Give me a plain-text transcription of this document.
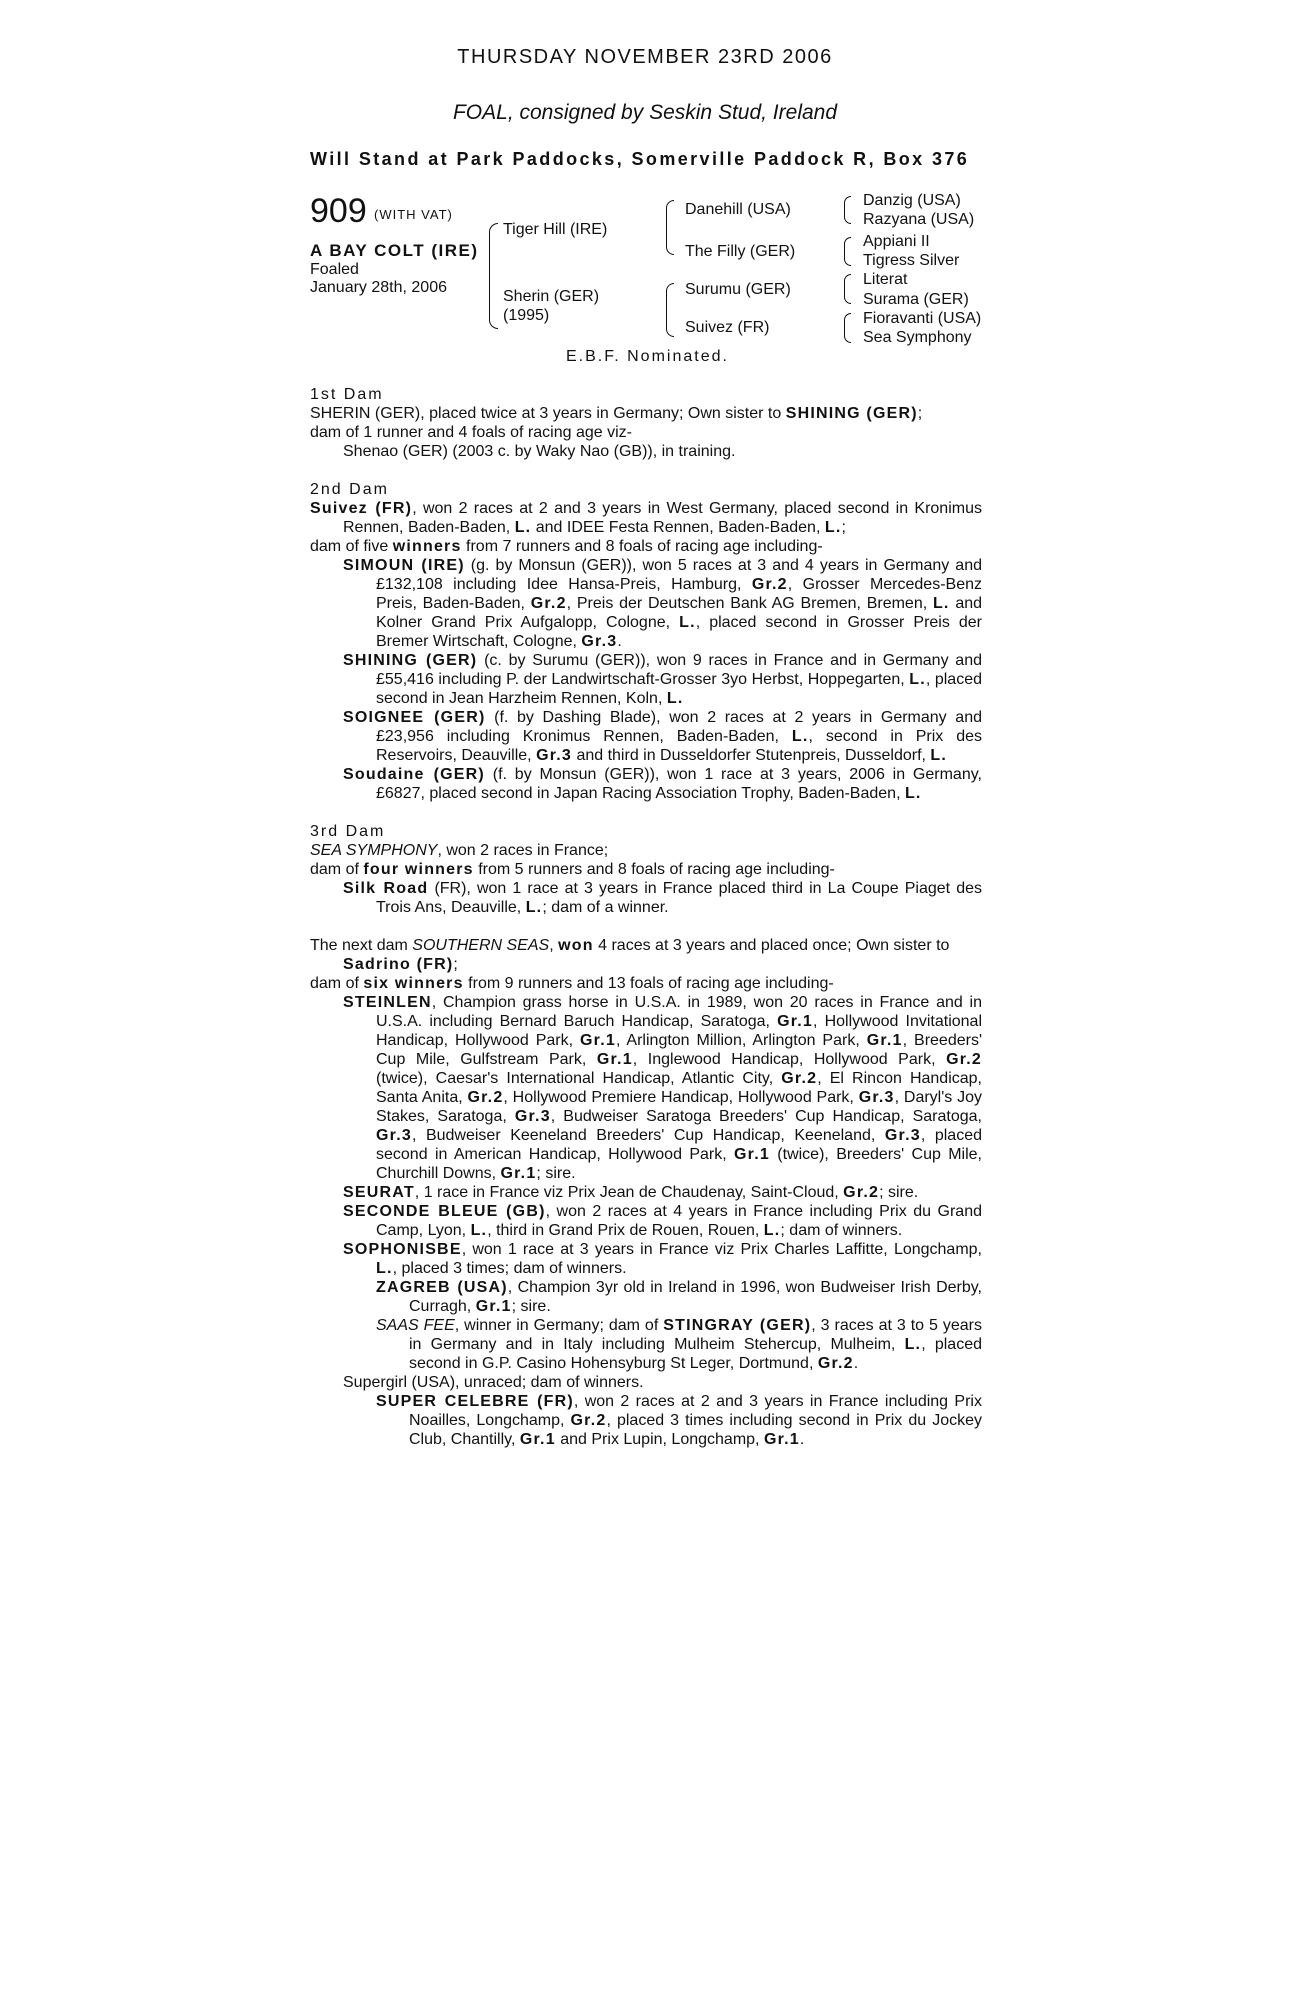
THURSDAY NOVEMBER 23RD 2006
FOAL, consigned by Seskin Stud, Ireland
Will Stand at Park Paddocks, Somerville Paddock R, Box 376
909 (WITH VAT)
A BAY COLT (IRE)
Foaled
January 28th, 2006
Tiger Hill (IRE)
Sherin (GER)
(1995)
Danehill (USA)
The Filly (GER)
Surumu (GER)
Suivez (FR)
Danzig (USA)
Razyana (USA)
Appiani II
Tigress Silver
Literat
Surama (GER)
Fioravanti (USA)
Sea Symphony
E.B.F. Nominated.

1st Dam

SHERIN (GER), placed twice at 3 years in Germany; Own sister to SHINING (GER);

dam of 1 runner and 4 foals of racing age viz-

Shenao (GER) (2003 c. by Waky Nao (GB)), in training.

2nd Dam

Suivez (FR), won 2 races at 2 and 3 years in West Germany, placed second in Kronimus Rennen, Baden-Baden, L. and IDEE Festa Rennen, Baden-Baden, L.;

dam of five winners from 7 runners and 8 foals of racing age including-

SIMOUN (IRE) (g. by Monsun (GER)), won 5 races at 3 and 4 years in Germany and £132,108 including Idee Hansa-Preis, Hamburg, Gr.2, Grosser Mercedes-Benz Preis, Baden-Baden, Gr.2, Preis der Deutschen Bank AG Bremen, Bremen, L. and Kolner Grand Prix Aufgalopp, Cologne, L., placed second in Grosser Preis der Bremer Wirtschaft, Cologne, Gr.3.

SHINING (GER) (c. by Surumu (GER)), won 9 races in France and in Germany and £55,416 including P. der Landwirtschaft-Grosser 3yo Herbst, Hoppegarten, L., placed second in Jean Harzheim Rennen, Koln, L.

SOIGNEE (GER) (f. by Dashing Blade), won 2 races at 2 years in Germany and £23,956 including Kronimus Rennen, Baden-Baden, L., second in Prix des Reservoirs, Deauville, Gr.3 and third in Dusseldorfer Stutenpreis, Dusseldorf, L.

Soudaine (GER) (f. by Monsun (GER)), won 1 race at 3 years, 2006 in Germany, £6827, placed second in Japan Racing Association Trophy, Baden-Baden, L.

3rd Dam

SEA SYMPHONY, won 2 races in France;

dam of four winners from 5 runners and 8 foals of racing age including-

Silk Road (FR), won 1 race at 3 years in France placed third in La Coupe Piaget des Trois Ans, Deauville, L.; dam of a winner.

The next dam SOUTHERN SEAS, won 4 races at 3 years and placed once; Own sister to Sadrino (FR);

dam of six winners from 9 runners and 13 foals of racing age including-

STEINLEN, Champion grass horse in U.S.A. in 1989, won 20 races in France and in U.S.A. including Bernard Baruch Handicap, Saratoga, Gr.1, Hollywood Invitational Handicap, Hollywood Park, Gr.1, Arlington Million, Arlington Park, Gr.1, Breeders' Cup Mile, Gulfstream Park, Gr.1, Inglewood Handicap, Hollywood Park, Gr.2 (twice), Caesar's International Handicap, Atlantic City, Gr.2, El Rincon Handicap, Santa Anita, Gr.2, Hollywood Premiere Handicap, Hollywood Park, Gr.3, Daryl's Joy Stakes, Saratoga, Gr.3, Budweiser Saratoga Breeders' Cup Handicap, Saratoga, Gr.3, Budweiser Keeneland Breeders' Cup Handicap, Keeneland, Gr.3, placed second in American Handicap, Hollywood Park, Gr.1 (twice), Breeders' Cup Mile, Churchill Downs, Gr.1; sire.

SEURAT, 1 race in France viz Prix Jean de Chaudenay, Saint-Cloud, Gr.2; sire.

SECONDE BLEUE (GB), won 2 races at 4 years in France including Prix du Grand Camp, Lyon, L., third in Grand Prix de Rouen, Rouen, L.; dam of winners.

SOPHONISBE, won 1 race at 3 years in France viz Prix Charles Laffitte, Longchamp, L., placed 3 times; dam of winners.

ZAGREB (USA), Champion 3yr old in Ireland in 1996, won Budweiser Irish Derby, Curragh, Gr.1; sire.

SAAS FEE, winner in Germany; dam of STINGRAY (GER), 3 races at 3 to 5 years in Germany and in Italy including Mulheim Stehercup, Mulheim, L., placed second in G.P. Casino Hohensyburg St Leger, Dortmund, Gr.2.

Supergirl (USA), unraced; dam of winners.

SUPER CELEBRE (FR), won 2 races at 2 and 3 years in France including Prix Noailles, Longchamp, Gr.2, placed 3 times including second in Prix du Jockey Club, Chantilly, Gr.1 and Prix Lupin, Longchamp, Gr.1.
